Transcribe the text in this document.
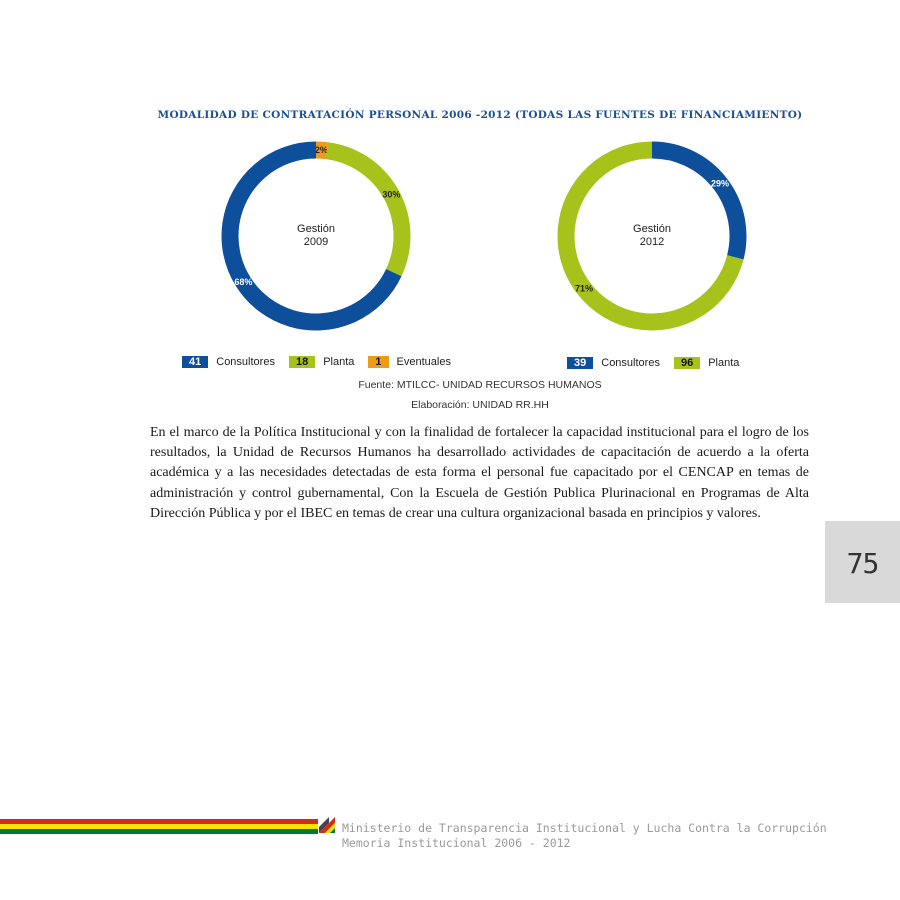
MODALIDAD DE CONTRATACIÓN PERSONAL 2006 -2012 (TODAS LAS FUENTES DE FINANCIAMIENTO)
2%
30%
68%
Gestión
2009
29%
71%
Gestión
2012
41	Consultores	18	Planta	1	Eventuales	39	Consultores	96	Planta
Fuente: MTILCC- UNIDAD RECURSOS HUMANOS
Elaboración: UNIDAD RR.HH
En el marco de la Política Institucional y con la finalidad de fortalecer la capacidad institucional para el logro de los resultados, la Unidad de Recursos Humanos ha desarrollado actividades de capacitación de acuerdo a la oferta académica y a las necesidades detectadas de esta forma el personal fue capacitado por el CENCAP en temas de administración y control gubernamental, Con la Escuela de Gestión Publica Plurinacional en Programas de Alta Dirección Pública y por el IBEC en temas de crear una cultura organizacional basada en principios y valores.
75
Ministerio de Transparencia Institucional y Lucha Contra la Corrupción
Memoria Institucional 2006 - 2012
